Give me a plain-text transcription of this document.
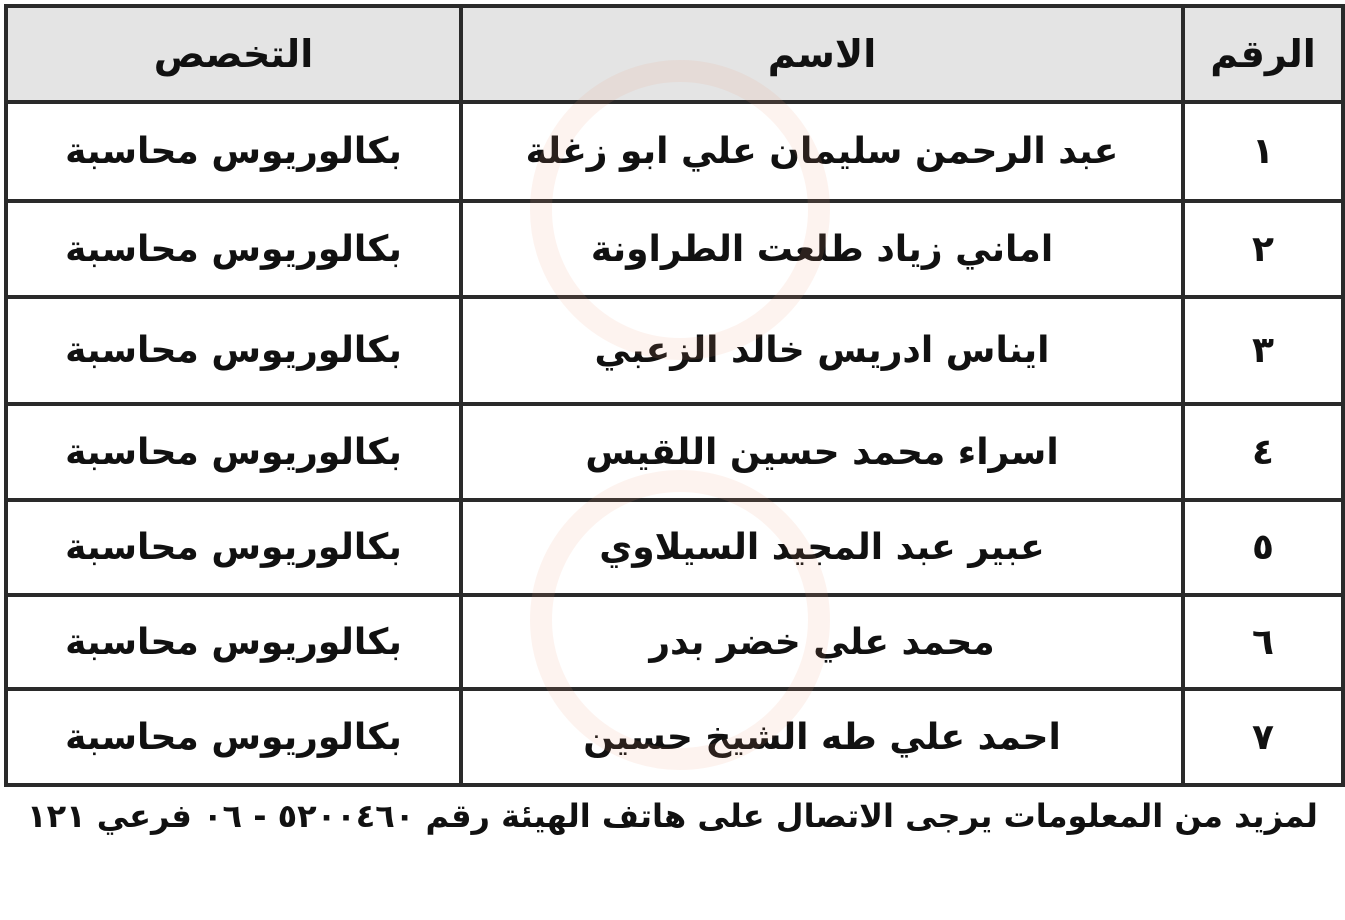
الرقم	الاسم	التخصص
١	عبد الرحمن سليمان علي ابو زغلة	بكالوريوس محاسبة
٢	اماني زياد طلعت الطراونة	بكالوريوس محاسبة
٣	ايناس ادريس خالد الزعبي	بكالوريوس محاسبة
٤	اسراء محمد حسين اللقيس	بكالوريوس محاسبة
٥	عبير عبد المجيد السيلاوي	بكالوريوس محاسبة
٦	محمد علي خضر بدر	بكالوريوس محاسبة
٧	احمد علي طه الشيخ حسين	بكالوريوس محاسبة
لمزيد من المعلومات يرجى الاتصال على هاتف الهيئة رقم ٥٢٠٠٤٦٠ - ٠٦ فرعي ١٢١
